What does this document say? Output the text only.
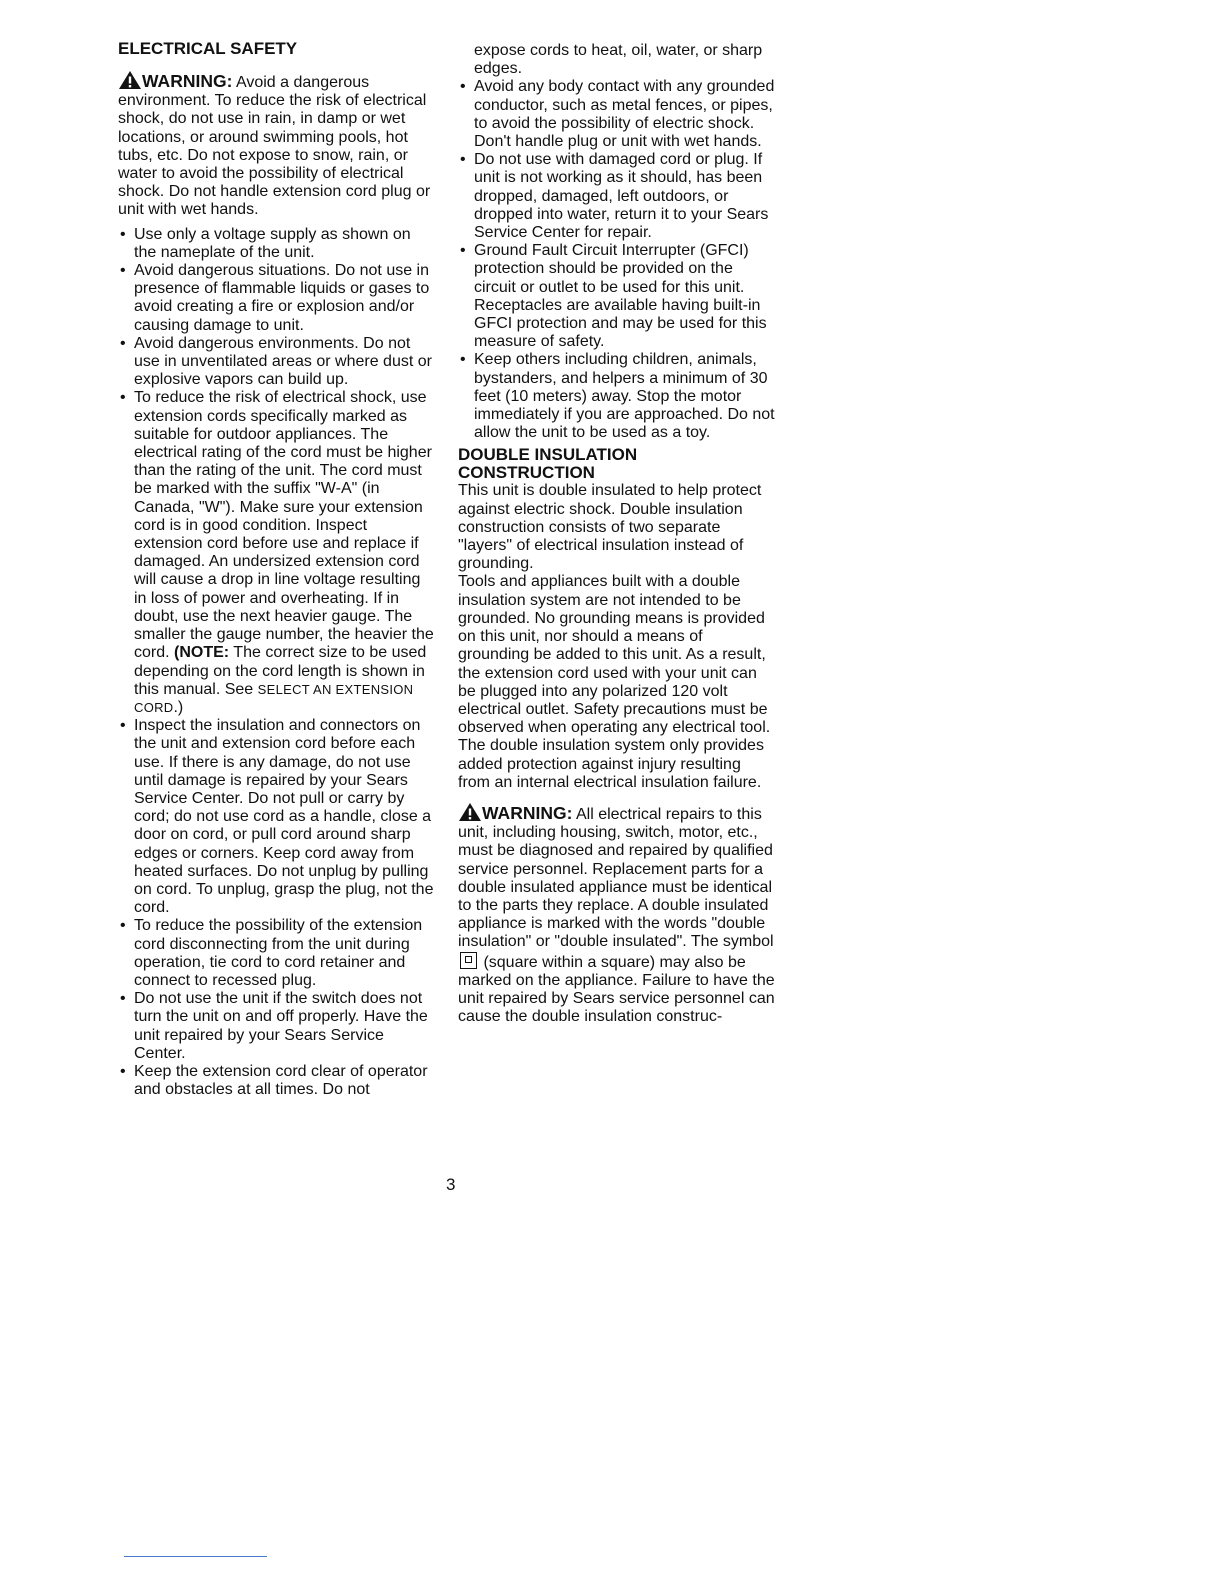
ELECTRICAL SAFETY

WARNING: Avoid a dangerous environment. To reduce the risk of electrical shock, do not use in rain, in damp or wet locations, or around swimming pools, hot tubs, etc. Do not expose to snow, rain, or water to avoid the possibility of electrical shock. Do not handle extension cord plug or unit with wet hands.

• Use only a voltage supply as shown on the nameplate of the unit.
• Avoid dangerous situations. Do not use in presence of flammable liquids or gases to avoid creating a fire or explosion and/or causing damage to unit.
• Avoid dangerous environments. Do not use in unventilated areas or where dust or explosive vapors can build up.
• To reduce the risk of electrical shock, use extension cords specifically marked as suitable for outdoor appliances. The electrical rating of the cord must be higher than the rating of the unit. The cord must be marked with the suffix "W-A" (in Canada, "W"). Make sure your extension cord is in good condition. Inspect extension cord before use and replace if damaged. An undersized extension cord will cause a drop in line voltage resulting in loss of power and overheating. If in doubt, use the next heavier gauge. The smaller the gauge number, the heavier the cord. (NOTE: The correct size to be used depending on the cord length is shown in this manual. See SELECT AN EXTENSION CORD.)
• Inspect the insulation and connectors on the unit and extension cord before each use. If there is any damage, do not use until damage is repaired by your Sears Service Center. Do not pull or carry by cord; do not use cord as a handle, close a door on cord, or pull cord around sharp edges or corners. Keep cord away from heated surfaces. Do not unplug by pulling on cord. To unplug, grasp the plug, not the cord.
• To reduce the possibility of the extension cord disconnecting from the unit during operation, tie cord to cord retainer and connect to recessed plug.
• Do not use the unit if the switch does not turn the unit on and off properly. Have the unit repaired by your Sears Service Center.
• Keep the extension cord clear of operator and obstacles at all times. Do not

expose cords to heat, oil, water, or sharp edges.

• Avoid any body contact with any grounded conductor, such as metal fences, or pipes, to avoid the possibility of electric shock. Don't handle plug or unit with wet hands.
• Do not use with damaged cord or plug. If unit is not working as it should, has been dropped, damaged, left outdoors, or dropped into water, return it to your Sears Service Center for repair.
• Ground Fault Circuit Interrupter (GFCI) protection should be provided on the circuit or outlet to be used for this unit. Receptacles are available having built-in GFCI protection and may be used for this measure of safety.
• Keep others including children, animals, bystanders, and helpers a minimum of 30 feet (10 meters) away. Stop the motor immediately if you are approached. Do not allow the unit to be used as a toy.
DOUBLE INSULATION CONSTRUCTION

This unit is double insulated to help protect against electric shock. Double insulation construction consists of two separate "layers" of electrical insulation instead of grounding.

Tools and appliances built with a double insulation system are not intended to be grounded. No grounding means is provided on this unit, nor should a means of grounding be added to this unit. As a result, the extension cord used with your unit can be plugged into any polarized 120 volt electrical outlet. Safety precautions must be observed when operating any electrical tool. The double insulation system only provides added protection against injury resulting from an internal electrical insulation failure.

WARNING: All electrical repairs to this unit, including housing, switch, motor, etc., must be diagnosed and repaired by qualified service personnel. Replacement parts for a double insulated appliance must be identical to the parts they replace. A double insulated appliance is marked with the words "double insulation" or "double insulated". The symbol  (square within a square) may also be marked on the appliance. Failure to have the unit repaired by Sears service personnel can cause the double insulation construc-

3
